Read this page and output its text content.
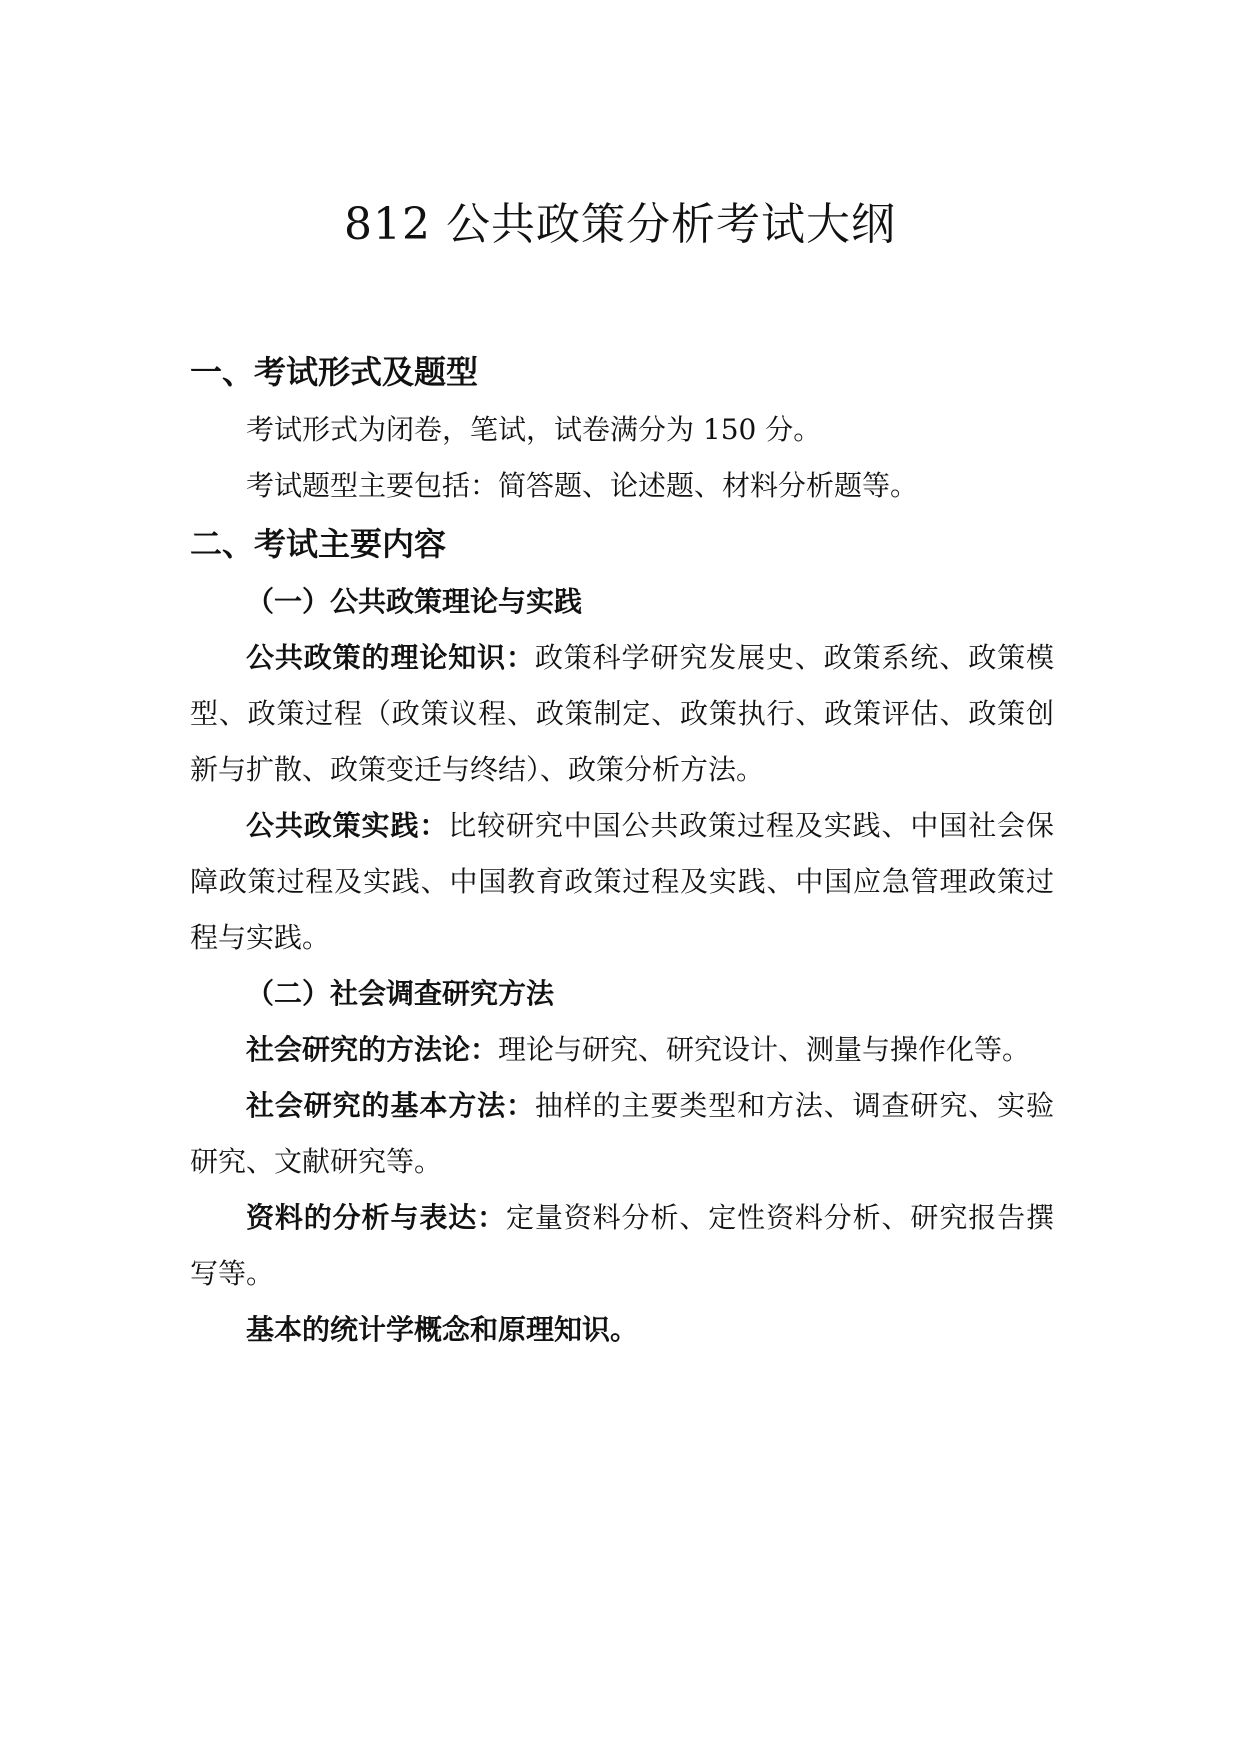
812 公共政策分析考试大纲
一、考试形式及题型

考试形式为闭卷，笔试，试卷满分为 150 分。

考试题型主要包括：简答题、论述题、材料分析题等。

二、考试主要内容
（一）公共政策理论与实践

公共政策的理论知识：政策科学研究发展史、政策系统、政策模型、政策过程（政策议程、政策制定、政策执行、政策评估、政策创新与扩散、政策变迁与终结）、政策分析方法。

公共政策实践：比较研究中国公共政策过程及实践、中国社会保障政策过程及实践、中国教育政策过程及实践、中国应急管理政策过程与实践。

（二）社会调查研究方法

社会研究的方法论：理论与研究、研究设计、测量与操作化等。

社会研究的基本方法：抽样的主要类型和方法、调查研究、实验研究、文献研究等。

资料的分析与表达：定量资料分析、定性资料分析、研究报告撰写等。

基本的统计学概念和原理知识。
